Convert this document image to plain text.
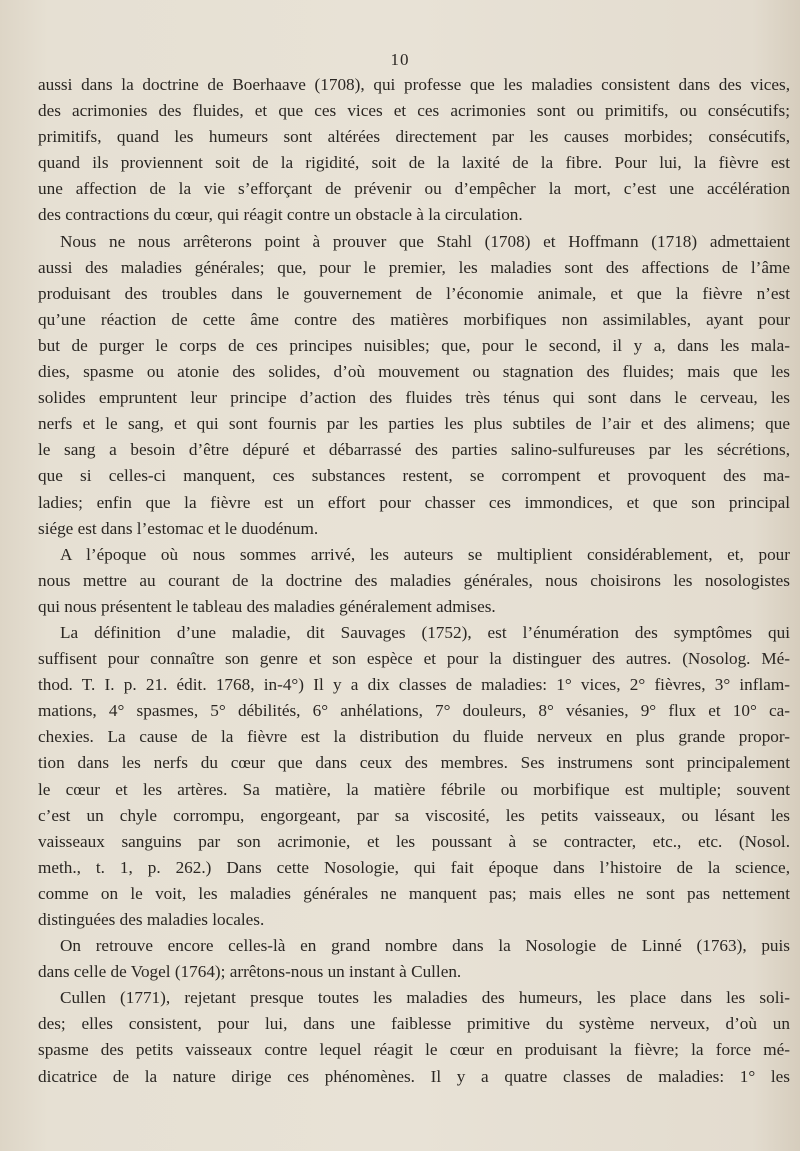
10
aussi dans la doctrine de Boerhaave (1708), qui professe que les maladies consistent dans des vices,
des acrimonies des fluides, et que ces vices et ces acrimonies sont ou primitifs, ou consécutifs;
primitifs, quand les humeurs sont altérées directement par les causes morbides; consécutifs,
quand ils proviennent soit de la rigidité, soit de la laxité de la fibre. Pour lui, la fièvre est
une affection de la vie s’efforçant de prévenir ou d’empêcher la mort, c’est une accélération
des contractions du cœur, qui réagit contre un obstacle à la circulation.
Nous ne nous arrêterons point à prouver que Stahl (1708) et Hoffmann (1718) admettaient
aussi des maladies générales; que, pour le premier, les maladies sont des affections de l’âme
produisant des troubles dans le gouvernement de l’économie animale, et que la fièvre n’est
qu’une réaction de cette âme contre des matières morbifiques non assimilables, ayant pour
but de purger le corps de ces principes nuisibles; que, pour le second, il y a, dans les mala-
dies, spasme ou atonie des solides, d’où mouvement ou stagnation des fluides; mais que les
solides empruntent leur principe d’action des fluides très ténus qui sont dans le cerveau, les
nerfs et le sang, et qui sont fournis par les parties les plus subtiles de l’air et des alimens; que
le sang a besoin d’être dépuré et débarrassé des parties salino-sulfureuses par les sécrétions,
que si celles-ci manquent, ces substances restent, se corrompent et provoquent des ma-
ladies; enfin que la fièvre est un effort pour chasser ces immondices, et que son principal
siége est dans l’estomac et le duodénum.
A l’époque où nous sommes arrivé, les auteurs se multiplient considérablement, et, pour
nous mettre au courant de la doctrine des maladies générales, nous choisirons les nosologistes
qui nous présentent le tableau des maladies généralement admises.
La définition d’une maladie, dit Sauvages (1752), est l’énumération des symptômes qui
suffisent pour connaître son genre et son espèce et pour la distinguer des autres. (Nosolog. Mé-
thod. T. I. p. 21. édit. 1768, in-4°) Il y a dix classes de maladies: 1° vices, 2° fièvres, 3° inflam-
mations, 4° spasmes, 5° débilités, 6° anhélations, 7° douleurs, 8° vésanies, 9° flux et 10° ca-
chexies. La cause de la fièvre est la distribution du fluide nerveux en plus grande propor-
tion dans les nerfs du cœur que dans ceux des membres. Ses instrumens sont principalement
le cœur et les artères. Sa matière, la matière fébrile ou morbifique est multiple; souvent
c’est un chyle corrompu, engorgeant, par sa viscosité, les petits vaisseaux, ou lésant les
vaisseaux sanguins par son acrimonie, et les poussant à se contracter, etc., etc. (Nosol.
meth., t. 1, p. 262.) Dans cette Nosologie, qui fait époque dans l’histoire de la science,
comme on le voit, les maladies générales ne manquent pas; mais elles ne sont pas nettement
distinguées des maladies locales.
On retrouve encore celles-là en grand nombre dans la Nosologie de Linné (1763), puis
dans celle de Vogel (1764); arrêtons-nous un instant à Cullen.
Cullen (1771), rejetant presque toutes les maladies des humeurs, les place dans les soli-
des; elles consistent, pour lui, dans une faiblesse primitive du système nerveux, d’où un
spasme des petits vaisseaux contre lequel réagit le cœur en produisant la fièvre; la force mé-
dicatrice de la nature dirige ces phénomènes. Il y a quatre classes de maladies: 1° les
